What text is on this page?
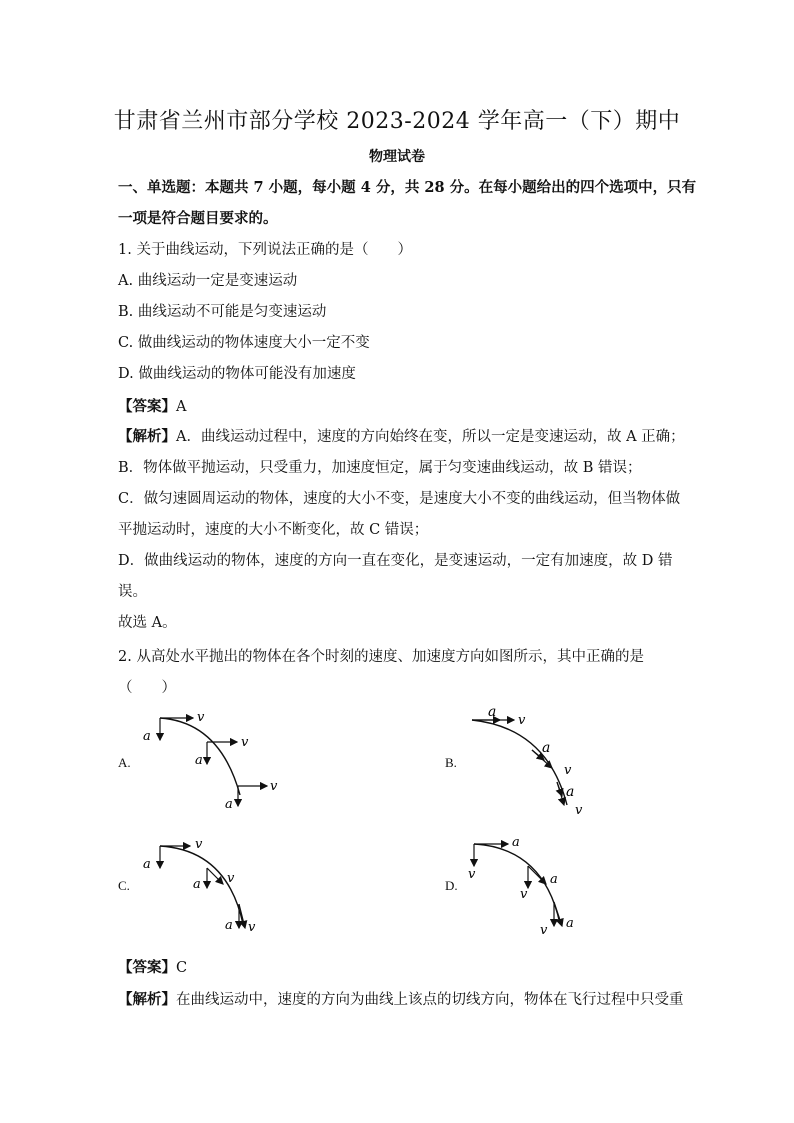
甘肃省兰州市部分学校 2023-2024 学年高一（下）期中
物理试卷
一、单选题：本题共 7 小题，每小题 4 分，共 28 分。在每小题给出的四个选项中，只有
一项是符合题目要求的。
1. 关于曲线运动，下列说法正确的是（　　）
A. 曲线运动一定是变速运动
B. 曲线运动不可能是匀变速运动
C. 做曲线运动的物体速度大小一定不变
D. 做曲线运动的物体可能没有加速度
【答案】A
【解析】A．曲线运动过程中，速度的方向始终在变，所以一定是变速运动，故 A 正确；
B．物体做平抛运动，只受重力，加速度恒定，属于匀变速曲线运动，故 B 错误；
C．做匀速圆周运动的物体，速度的大小不变，是速度大小不变的曲线运动，但当物体做
平抛运动时，速度的大小不断变化，故 C 错误；
D．做曲线运动的物体，速度的方向一直在变化，是变速运动，一定有加速度，故 D 错
误。
故选 A。
2. 从高处水平抛出的物体在各个时刻的速度、加速度方向如图所示，其中正确的是
（　　）
A.
v
a	v
a
v
a
B.
a
v
a
v
a
v
C.
v
a
v
a
a v
D.
a
v	a
v
v a
【答案】C
【解析】在曲线运动中，速度的方向为曲线上该点的切线方向，物体在飞行过程中只受重
